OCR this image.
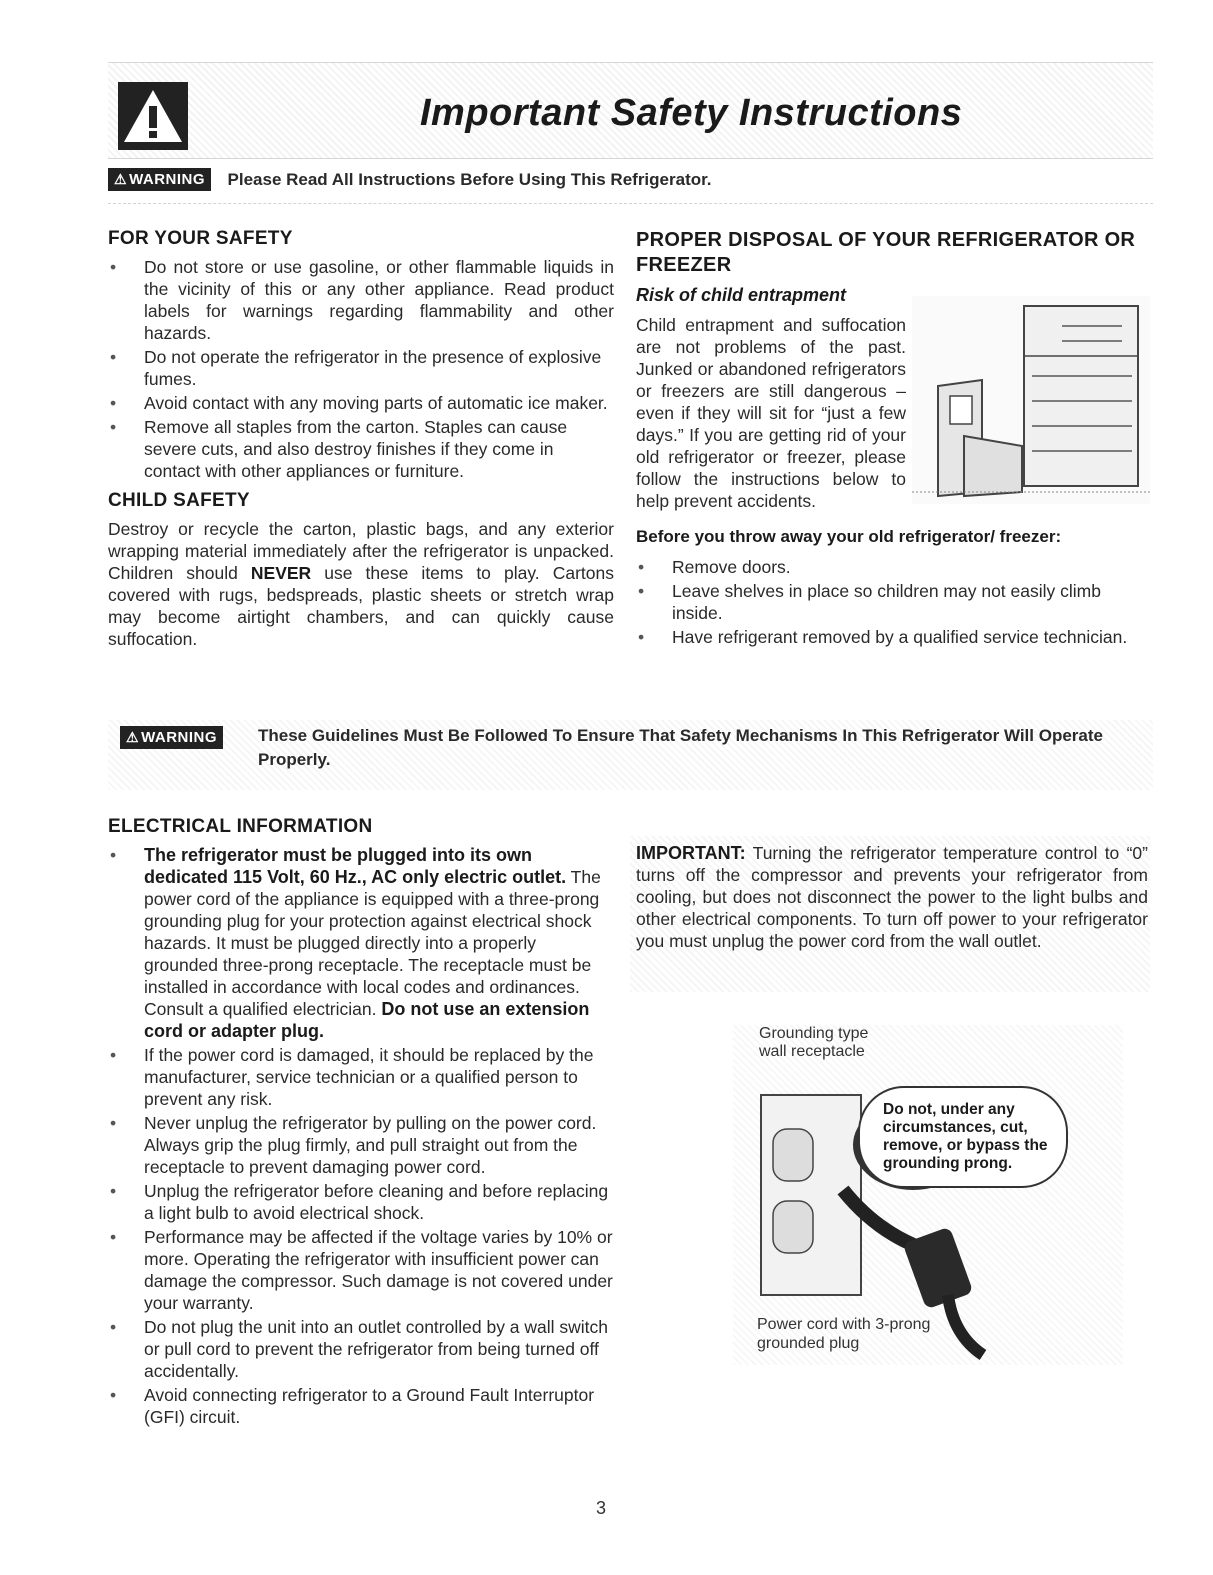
Important Safety Instructions
⚠ WARNING Please Read All Instructions Before Using This Refrigerator.
FOR YOUR SAFETY
• Do not store or use gasoline, or other flammable liquids in the vicinity of this or any other appliance. Read product labels for warnings regarding flammability and other hazards.
• Do not operate the refrigerator in the presence of explosive fumes.
• Avoid contact with any moving parts of automatic ice maker.
• Remove all staples from the carton. Staples can cause severe cuts, and also destroy finishes if they come in contact with other appliances or furniture.
CHILD SAFETY

Destroy or recycle the carton, plastic bags, and any exterior wrapping material immediately after the refrigerator is unpacked. Children should NEVER use these items to play. Cartons covered with rugs, bedspreads, plastic sheets or stretch wrap may become airtight chambers, and can quickly cause suffocation.

PROPER DISPOSAL OF YOUR REFRIGERATOR OR FREEZER
Risk of child entrapment

Child entrapment and suffocation are not problems of the past. Junked or abandoned refrigerators or freezers are still dangerous – even if they will sit for “just a few days.” If you are getting rid of your old refrigerator or freezer, please follow the instructions below to help prevent accidents.

Before you throw away your old refrigerator/ freezer:
• Remove doors.
• Leave shelves in place so children may not easily climb inside.
• Have refrigerant removed by a qualified service technician.
⚠ WARNING	These Guidelines Must Be Followed To Ensure That Safety Mechanisms In This Refrigerator Will Operate Properly.
ELECTRICAL INFORMATION
• The refrigerator must be plugged into its own dedicated 115 Volt, 60 Hz., AC only electric outlet. The power cord of the appliance is equipped with a three-prong grounding plug for your protection against electrical shock hazards. It must be plugged directly into a properly grounded three-prong receptacle. The receptacle must be installed in accordance with local codes and ordinances. Consult a qualified electrician. Do not use an extension cord or adapter plug.
• If the power cord is damaged, it should be replaced by the manufacturer, service technician or a qualified person to prevent any risk.
• Never unplug the refrigerator by pulling on the power cord. Always grip the plug firmly, and pull straight out from the receptacle to prevent damaging power cord.
• Unplug the refrigerator before cleaning and before replacing a light bulb to avoid electrical shock.
• Performance may be affected if the voltage varies by 10% or more. Operating the refrigerator with insufficient power can damage the compressor. Such damage is not covered under your warranty.
• Do not plug the unit into an outlet controlled by a wall switch or pull cord to prevent the refrigerator from being turned off accidentally.
• Avoid connecting refrigerator to a Ground Fault Interruptor (GFI) circuit.
IMPORTANT: Turning the refrigerator temperature control to “0” turns off the compressor and prevents your refrigerator from cooling, but does not disconnect the power to the light bulbs and other electrical components. To turn off power to your refrigerator you must unplug the power cord from the wall outlet.
Grounding type wall receptacle
Do not, under any circumstances, cut, remove, or bypass the grounding prong.
Power cord with 3-prong grounded plug
3
